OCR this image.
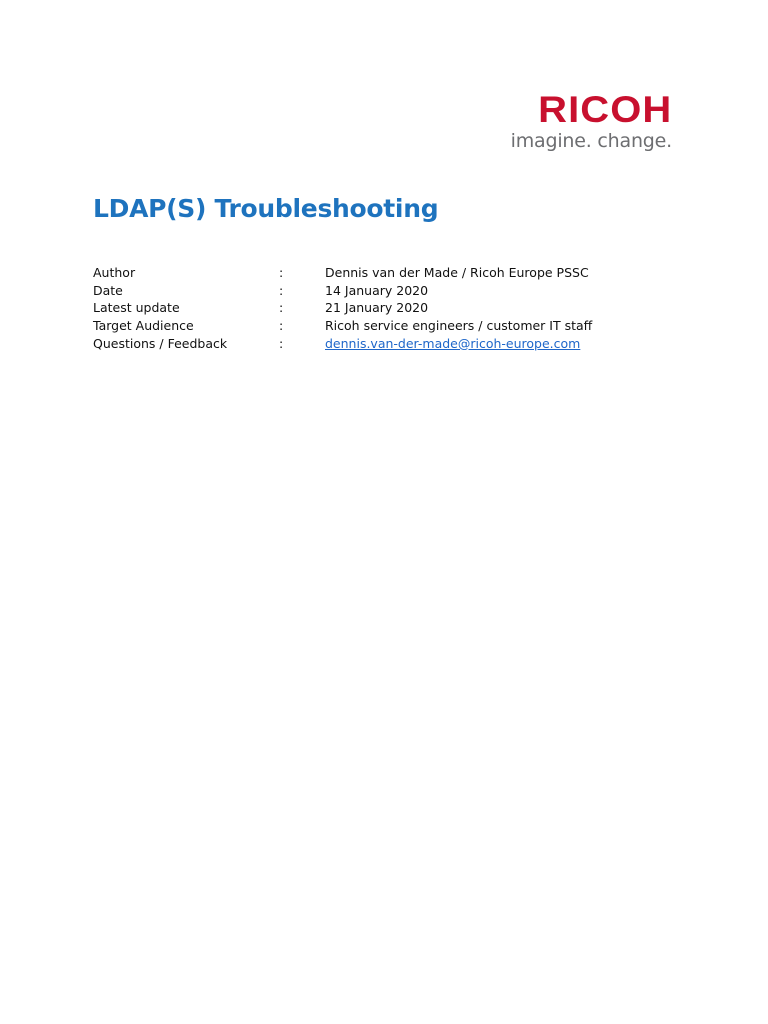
RICOH
imagine. change.
LDAP(S) Troubleshooting
Author	:	Dennis van der Made / Ricoh Europe PSSC
Date	:	14 January 2020
Latest update	:	21 January 2020
Target Audience	:	Ricoh service engineers / customer IT staff
Questions / Feedback	:	dennis.van-der-made@ricoh-europe.com
